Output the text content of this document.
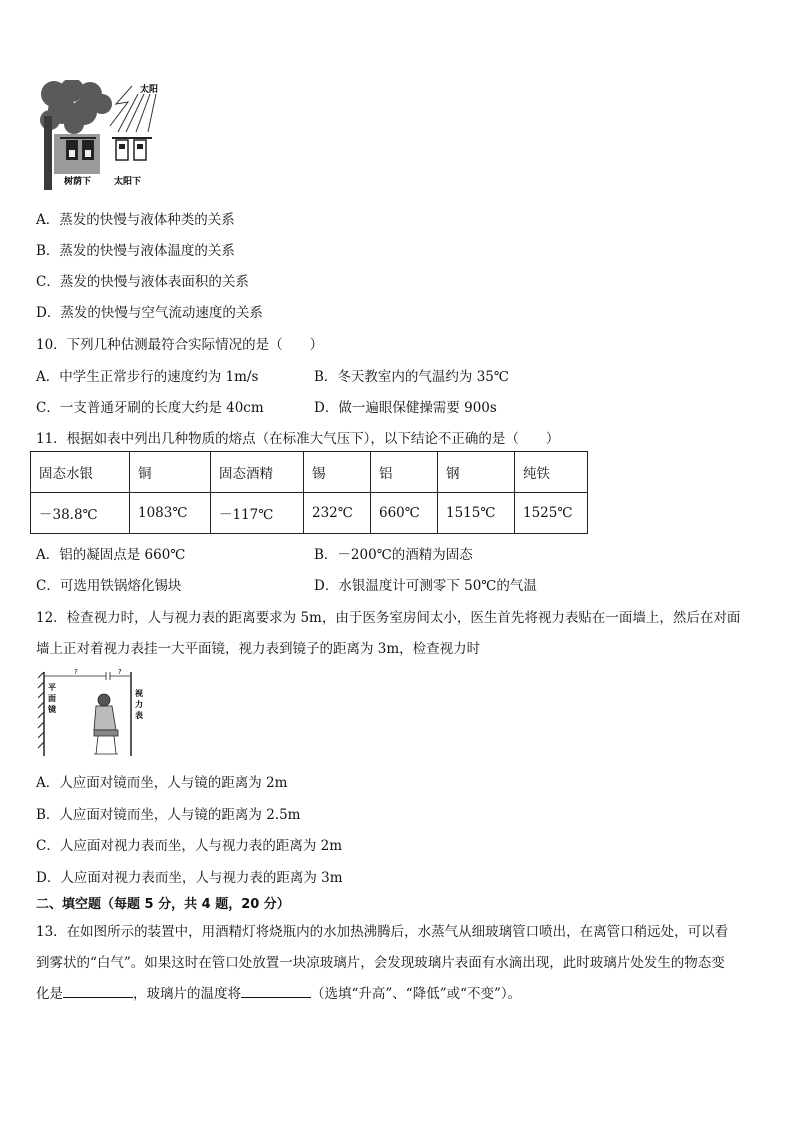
太阳
树荫下	太阳下
A．蒸发的快慢与液体种类的关系
B．蒸发的快慢与液体温度的关系
C．蒸发的快慢与液体表面积的关系
D．蒸发的快慢与空气流动速度的关系
10．下列几种估测最符合实际情况的是（　　）
A．中学生正常步行的速度约为 1m/s	B．冬天教室内的气温约为 35℃
C．一支普通牙刷的长度大约是 40cm	D．做一遍眼保健操需要 900s
11．根据如表中列出几种物质的熔点（在标准大气压下），以下结论不正确的是（　　）
固态水银	铜	固态酒精	锡	铝	钢	纯铁
－38.8℃	1083℃	－117℃	232℃	660℃	1515℃	1525℃
A．铝的凝固点是 660℃	B．－200℃的酒精为固态
C．可选用铁锅熔化锡块	D．水银温度计可测零下 50℃的气温
12．检查视力时，人与视力表的距离要求为 5m，由于医务室房间太小，医生首先将视力表贴在一面墙上，然后在对面
墙上正对着视力表挂一大平面镜，视力表到镜子的距离为 3m，检查视力时
平
面
镜
?	?
视
力
表
A．人应面对镜而坐，人与镜的距离为 2m
B．人应面对镜而坐，人与镜的距离为 2.5m
C．人应面对视力表而坐，人与视力表的距离为 2m
D．人应面对视力表而坐，人与视力表的距离为 3m
二、填空题（每题 5 分，共 4 题，20 分）
13．在如图所示的装置中，用酒精灯将烧瓶内的水加热沸腾后，水蒸气从细玻璃管口喷出，在离管口稍远处，可以看
到雾状的“白气”。如果这时在管口处放置一块凉玻璃片，会发现玻璃片表面有水滴出现，此时玻璃片处发生的物态变
化是	，玻璃片的温度将	（选填“升高”、“降低”或“不变”）。
